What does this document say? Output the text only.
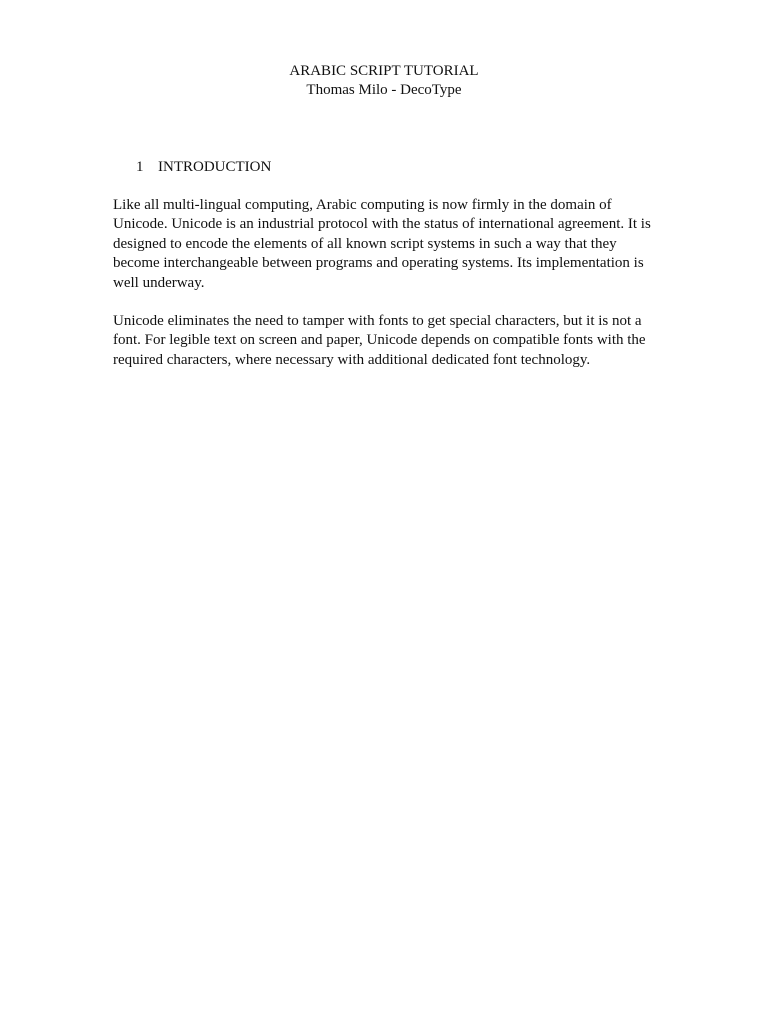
ARABIC SCRIPT TUTORIAL
Thomas Milo - DecoType
1 INTRODUCTION

Like all multi-lingual computing, Arabic computing is now firmly in the domain of Unicode. Unicode is an industrial protocol with the status of international agreement. It is designed to encode the elements of all known script systems in such a way that they become interchangeable between programs and operating systems. Its implementation is well underway.

Unicode eliminates the need to tamper with fonts to get special characters, but it is not a font. For legible text on screen and paper, Unicode depends on compatible fonts with the required characters, where necessary with additional dedicated font technology.
